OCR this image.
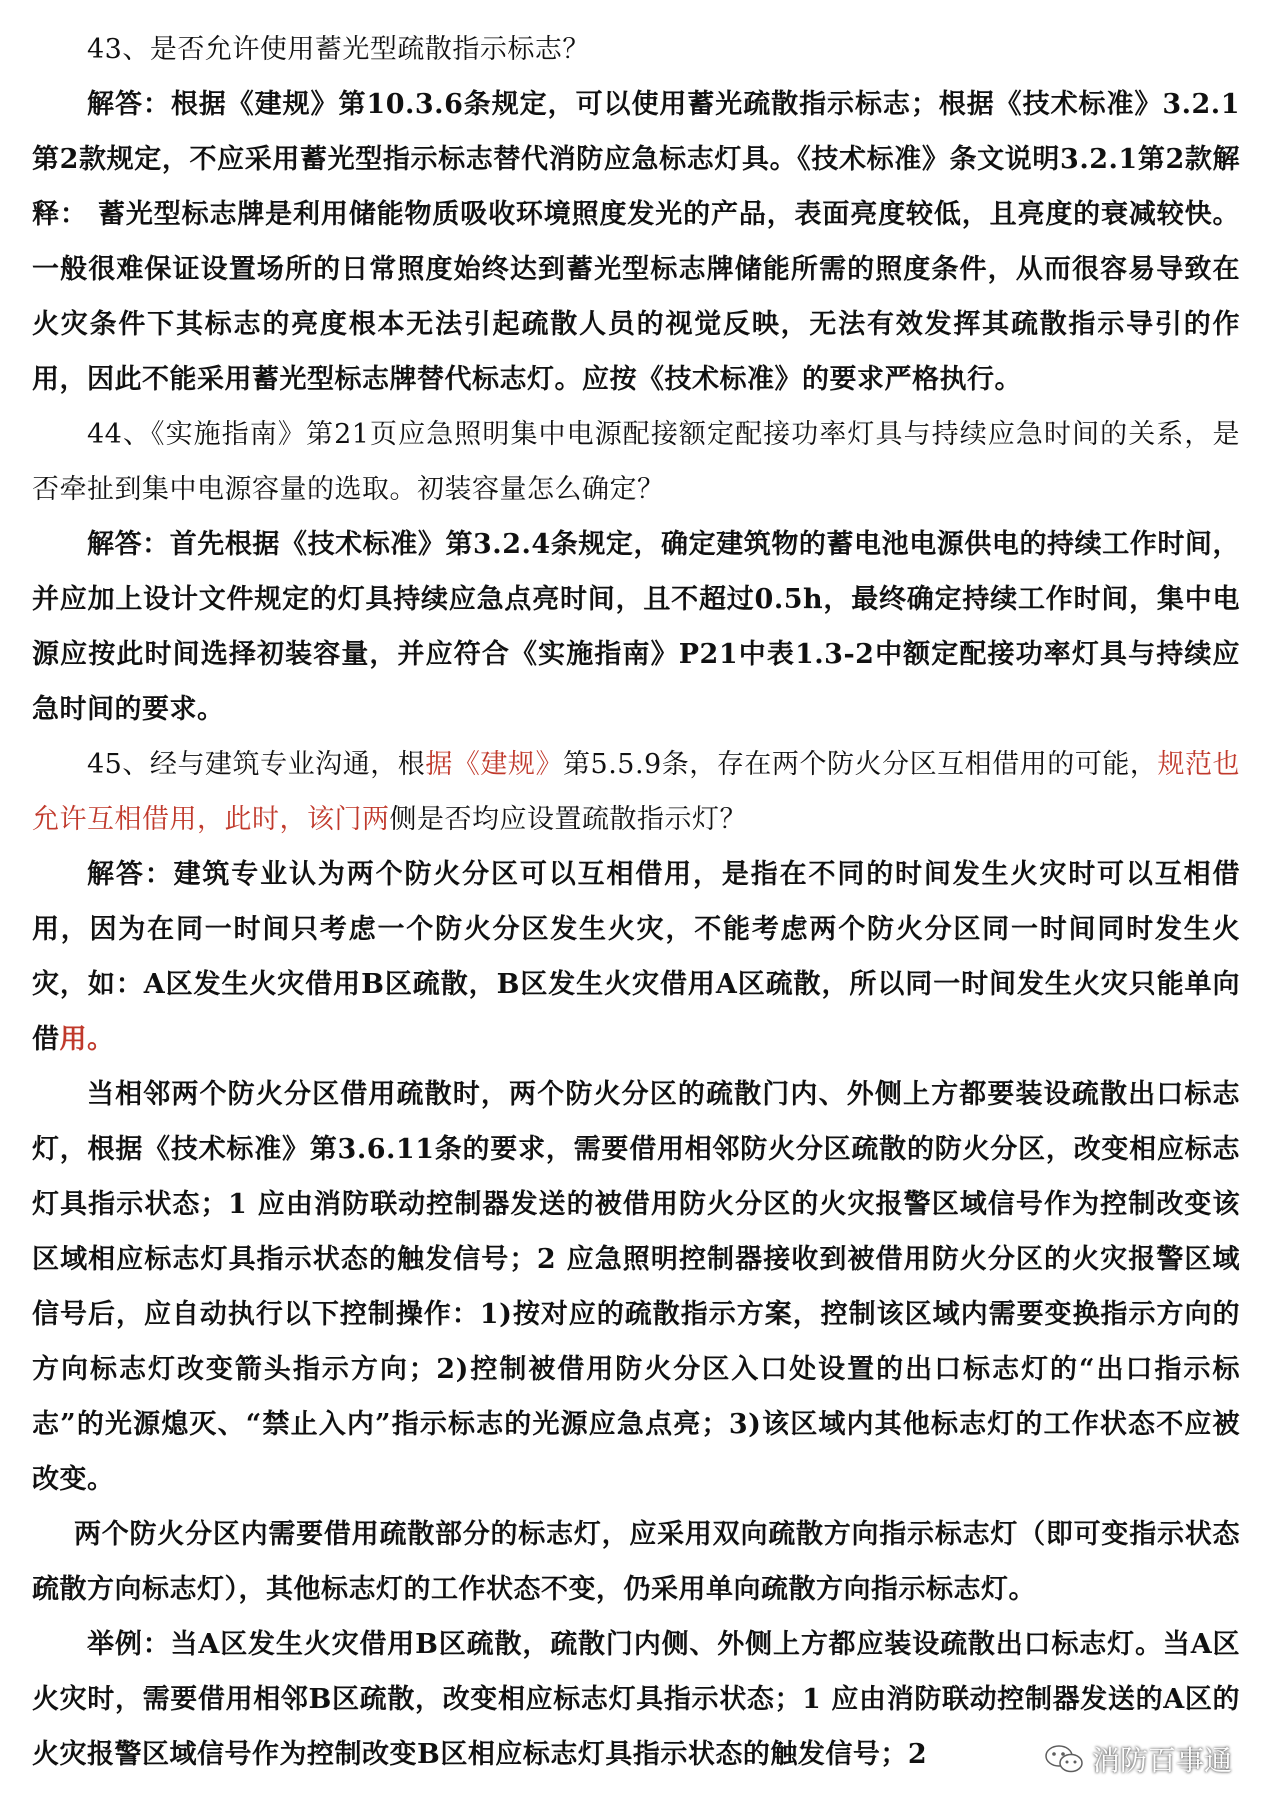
43、是否允许使用蓄光型疏散指示标志？

解答：根据《建规》第10.3.6条规定，可以使用蓄光疏散指示标志；根据《技术标准》3.2.1第2款规定，不应采用蓄光型指示标志替代消防应急标志灯具。《技术标准》条文说明3.2.1第2款解释： 蓄光型标志牌是利用储能物质吸收环境照度发光的产品，表面亮度较低，且亮度的衰减较快。一般很难保证设置场所的日常照度始终达到蓄光型标志牌储能所需的照度条件，从而很容易导致在火灾条件下其标志的亮度根本无法引起疏散人员的视觉反映，无法有效发挥其疏散指示导引的作用，因此不能采用蓄光型标志牌替代标志灯。应按《技术标准》的要求严格执行。

44、《实施指南》第21页应急照明集中电源配接额定配接功率灯具与持续应急时间的关系，是否牵扯到集中电源容量的选取。初装容量怎么确定？

解答：首先根据《技术标准》第3.2.4条规定，确定建筑物的蓄电池电源供电的持续工作时间，并应加上设计文件规定的灯具持续应急点亮时间，且不超过0.5h，最终确定持续工作时间，集中电源应按此时间选择初装容量，并应符合《实施指南》P21中表1.3-2中额定配接功率灯具与持续应急时间的要求。

45、经与建筑专业沟通，根据《建规》第5.5.9条，存在两个防火分区互相借用的可能，规范也允许互相借用，此时，该门两侧是否均应设置疏散指示灯？

解答：建筑专业认为两个防火分区可以互相借用，是指在不同的时间发生火灾时可以互相借用，因为在同一时间只考虑一个防火分区发生火灾，不能考虑两个防火分区同一时间同时发生火灾，如：A区发生火灾借用B区疏散，B区发生火灾借用A区疏散，所以同一时间发生火灾只能单向借用。

当相邻两个防火分区借用疏散时，两个防火分区的疏散门内、外侧上方都要装设疏散出口标志灯，根据《技术标准》第3.6.11条的要求，需要借用相邻防火分区疏散的防火分区，改变相应标志灯具指示状态；1 应由消防联动控制器发送的被借用防火分区的火灾报警区域信号作为控制改变该区域相应标志灯具指示状态的触发信号；2 应急照明控制器接收到被借用防火分区的火灾报警区域信号后，应自动执行以下控制操作：1)按对应的疏散指示方案，控制该区域内需要变换指示方向的方向标志灯改变箭头指示方向；2)控制被借用防火分区入口处设置的出口标志灯的“出口指示标志”的光源熄灭、“禁止入内”指示标志的光源应急点亮；3)该区域内其他标志灯的工作状态不应被改变。

两个防火分区内需要借用疏散部分的标志灯，应采用双向疏散方向指示标志灯（即可变指示状态疏散方向标志灯），其他标志灯的工作状态不变，仍采用单向疏散方向指示标志灯。

举例：当A区发生火灾借用B区疏散，疏散门内侧、外侧上方都应装设疏散出口标志灯。当A区火灾时，需要借用相邻B区疏散，改变相应标志灯具指示状态；1 应由消防联动控制器发送的A区的火灾报警区域信号作为控制改变B区相应标志灯具指示状态的触发信号；2	消防百事通
